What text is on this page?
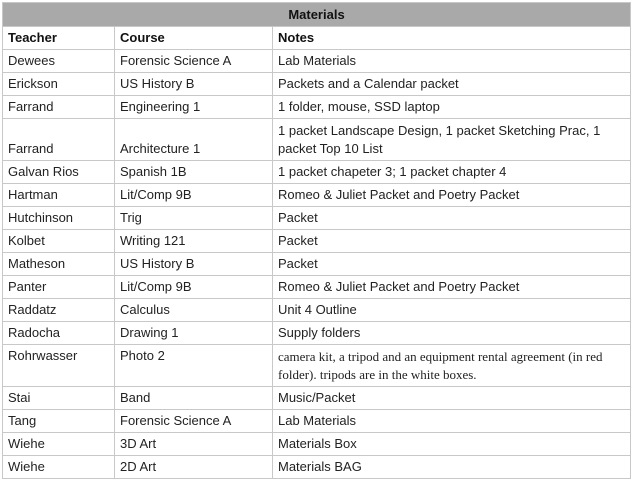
Materials		
Teacher	Course	Notes
Dewees	Forensic Science A	Lab Materials
Erickson	US History B	Packets and a Calendar packet
Farrand	Engineering 1	1 folder, mouse, SSD laptop
Farrand	Architecture 1	1 packet Landscape Design, 1 packet Sketching Prac, 1 packet Top 10 List
Galvan Rios	Spanish 1B	1 packet chapeter 3; 1 packet chapter 4
Hartman	Lit/Comp 9B	Romeo & Juliet Packet and Poetry Packet
Hutchinson	Trig	Packet
Kolbet	Writing 121	Packet
Matheson	US History B	Packet
Panter	Lit/Comp 9B	Romeo & Juliet Packet and Poetry Packet
Raddatz	Calculus	Unit 4 Outline
Radocha	Drawing 1	Supply folders
Rohrwasser	Photo 2	camera kit, a tripod and an equipment rental agreement (in red folder). tripods are in the white boxes.
Stai	Band	Music/Packet
Tang	Forensic Science A	Lab Materials
Wiehe	3D Art	Materials Box
Wiehe	2D Art	Materials BAG
